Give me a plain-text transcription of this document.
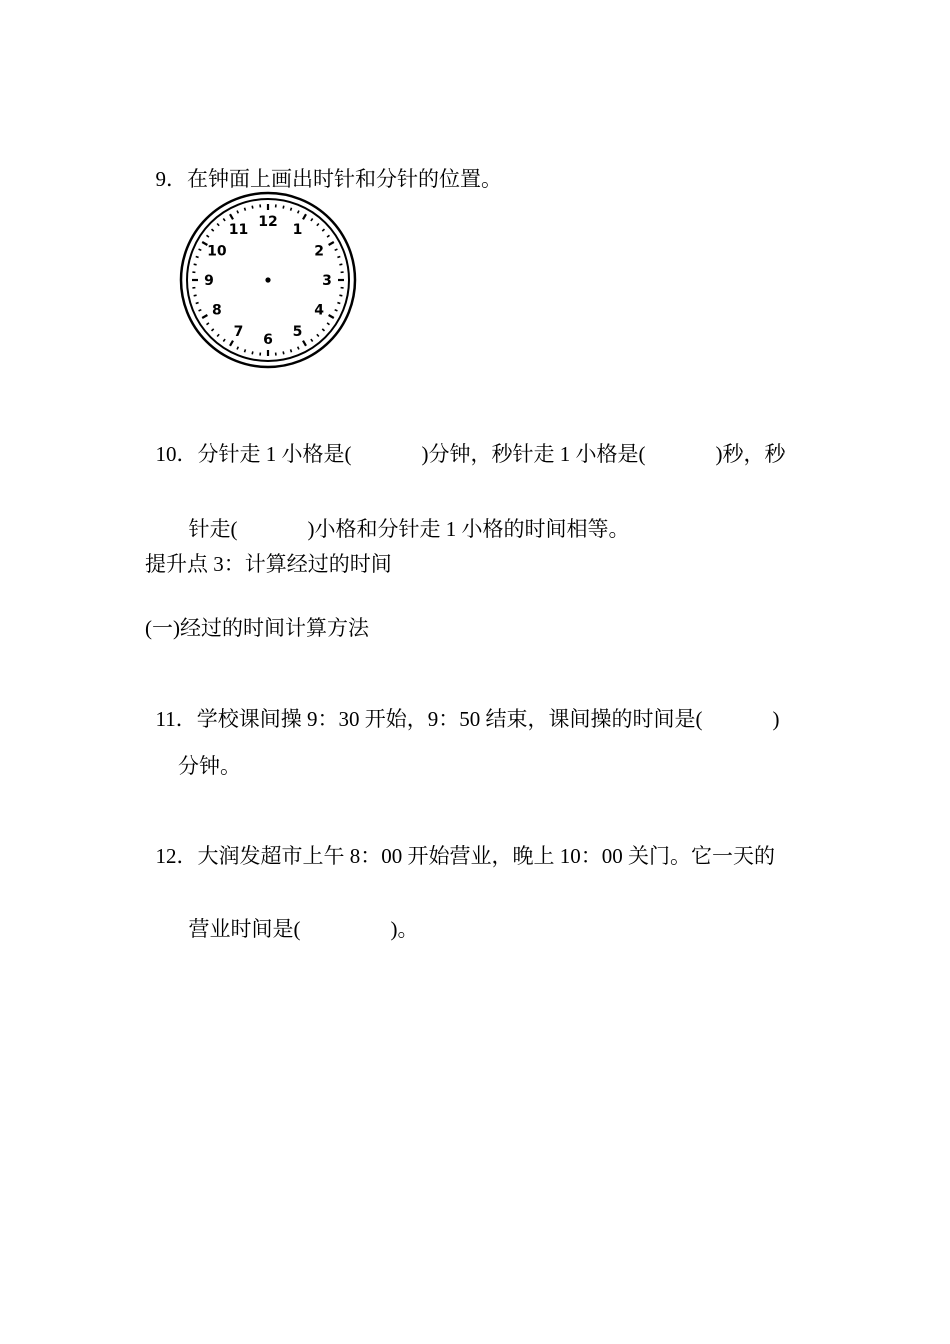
9．在钟面上画出时针和分针的位置。

12 1
2
3
4
5
6
7
8
9
10
11

10．分针走 1 小格是(	)分钟，秒针走 1 小格是(	)秒，秒

针走(	)小格和分针走 1 小格的时间相等。

提升点 3：计算经过的时间
(一)经过的时间计算方法

11．学校课间操 9：30 开始，9：50 结束，课间操的时间是(	)

分钟。

12．大润发超市上午 8：00 开始营业，晚上 10：00 关门。它一天的

营业时间是(	)。
